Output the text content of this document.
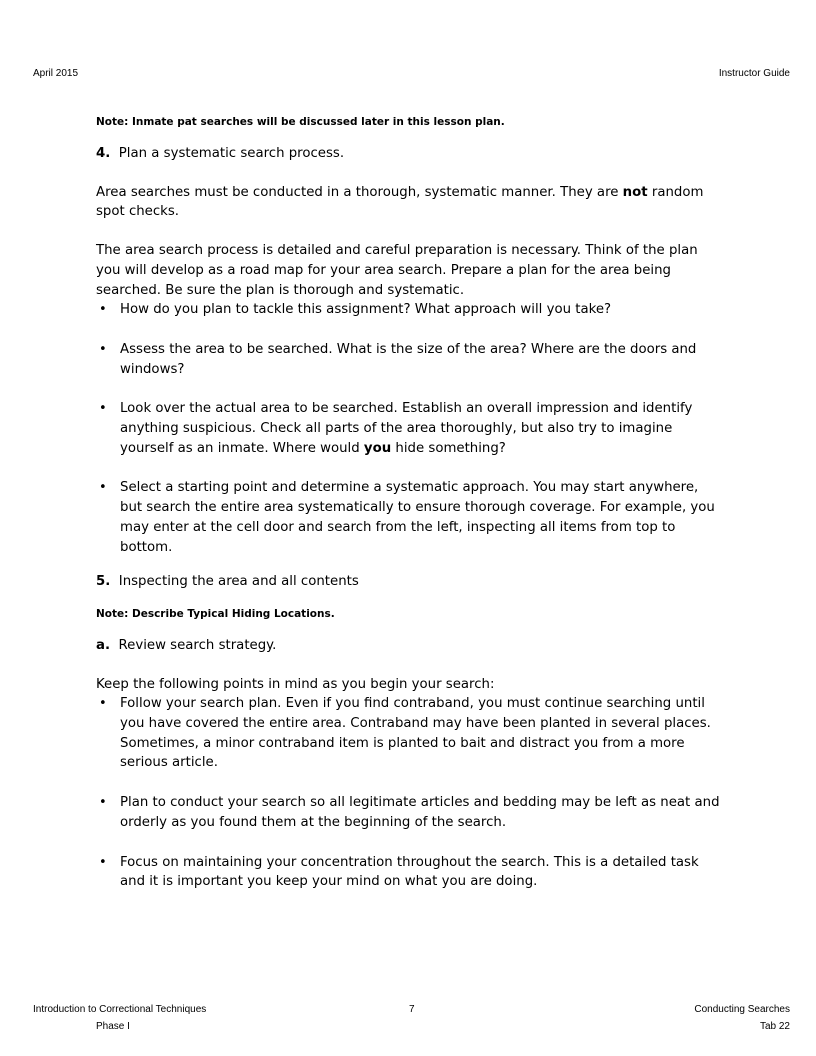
April 2015	Instructor Guide

Note: Inmate pat searches will be discussed later in this lesson plan.

4. Plan a systematic search process.

Area searches must be conducted in a thorough, systematic manner. They are not random spot checks.

The area search process is detailed and careful preparation is necessary. Think of the plan you will develop as a road map for your area search. Prepare a plan for the area being searched. Be sure the plan is thorough and systematic.

• How do you plan to tackle this assignment? What approach will you take?
• Assess the area to be searched. What is the size of the area? Where are the doors and windows?
• Look over the actual area to be searched. Establish an overall impression and identify anything suspicious. Check all parts of the area thoroughly, but also try to imagine yourself as an inmate. Where would you hide something?
• Select a starting point and determine a systematic approach. You may start anywhere, but search the entire area systematically to ensure thorough coverage. For example, you may enter at the cell door and search from the left, inspecting all items from top to bottom.

5. Inspecting the area and all contents

Note: Describe Typical Hiding Locations.

a. Review search strategy.

Keep the following points in mind as you begin your search:

• Follow your search plan. Even if you find contraband, you must continue searching until you have covered the entire area. Contraband may have been planted in several places. Sometimes, a minor contraband item is planted to bait and distract you from a more serious article.
• Plan to conduct your search so all legitimate articles and bedding may be left as neat and orderly as you found them at the beginning of the search.
• Focus on maintaining your concentration throughout the search. This is a detailed task and it is important you keep your mind on what you are doing.
Introduction to Correctional Techniques
Phase I
7	Conducting Searches
Tab 22
